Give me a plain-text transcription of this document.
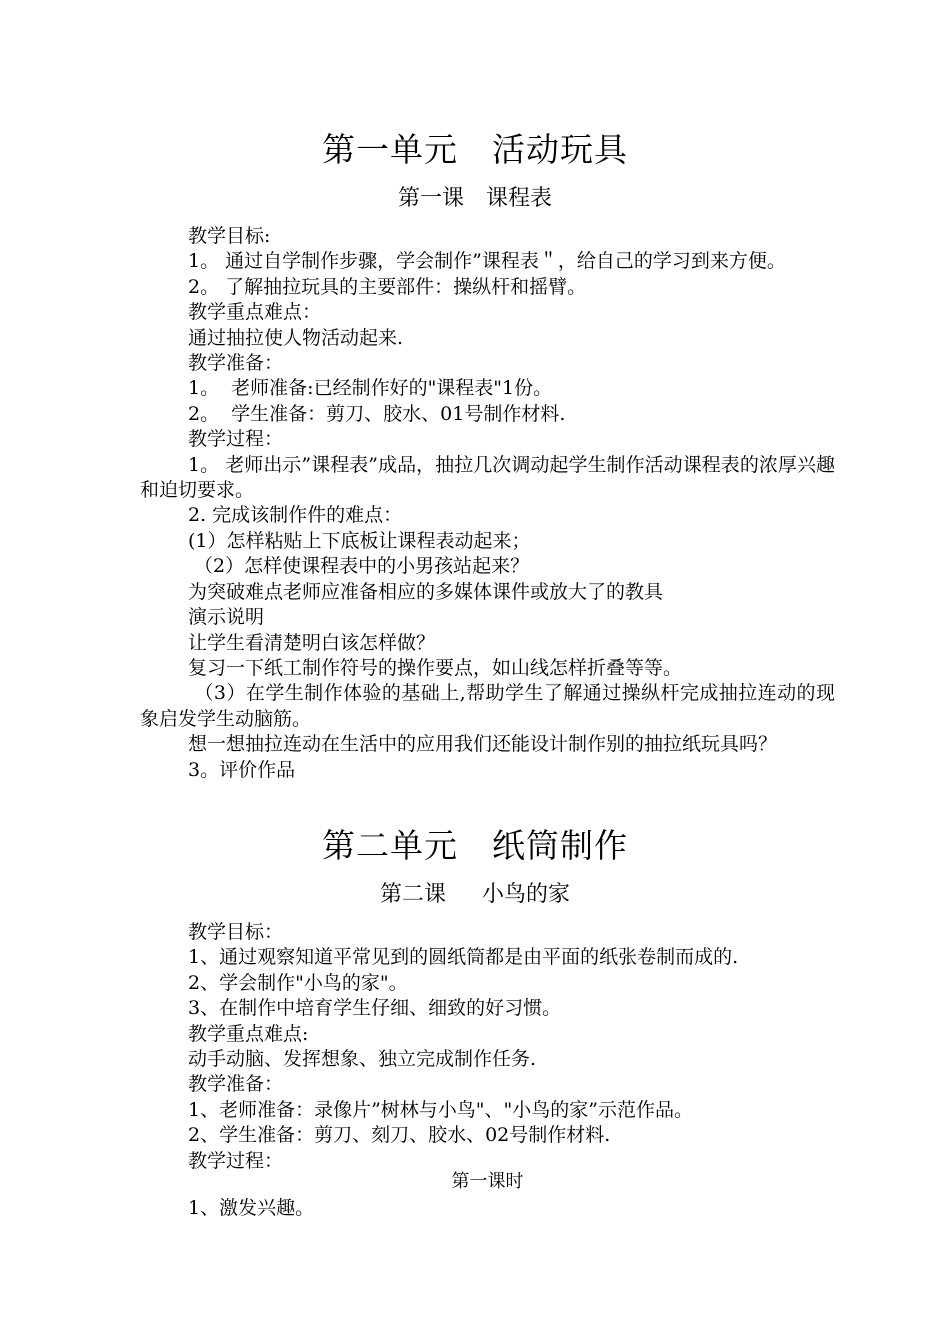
第一单元　活动玩具
第一课　课程表

教学目标:

1。 通过自学制作步骤，学会制作”课程表＂，给自己的学习到来方便。

2。 了解抽拉玩具的主要部件：操纵杆和摇臂。

教学重点难点：

通过抽拉使人物活动起来.

教学准备：

1。  老师准备:已经制作好的"课程表"1份。

2。  学生准备：剪刀、胶水、01号制作材料.

教学过程：

1。 老师出示”课程表”成品，抽拉几次调动起学生制作活动课程表的浓厚兴趣和迫切要求。

2. 完成该制作件的难点：

(1）怎样粘贴上下底板让课程表动起来；

（2）怎样使课程表中的小男孩站起来？

为突破难点老师应准备相应的多媒体课件或放大了的教具

演示说明

让学生看清楚明白该怎样做？

复习一下纸工制作符号的操作要点，如山线怎样折叠等等。

（3）在学生制作体验的基础上,帮助学生了解通过操纵杆完成抽拉连动的现象启发学生动脑筋。

想一想抽拉连动在生活中的应用我们还能设计制作别的抽拉纸玩具吗？

3。评价作品

第二单元　纸筒制作
第二课　  小鸟的家

教学目标：

1、通过观察知道平常见到的圆纸筒都是由平面的纸张卷制而成的.

2、学会制作"小鸟的家"。

3、在制作中培育学生仔细、细致的好习惯。

教学重点难点:

动手动脑、发挥想象、独立完成制作任务.

教学准备：

1、老师准备：录像片”树林与小鸟"、"小鸟的家”示范作品。

2、学生准备：剪刀、刻刀、胶水、02号制作材料.

教学过程：

第一课时

1、激发兴趣。
